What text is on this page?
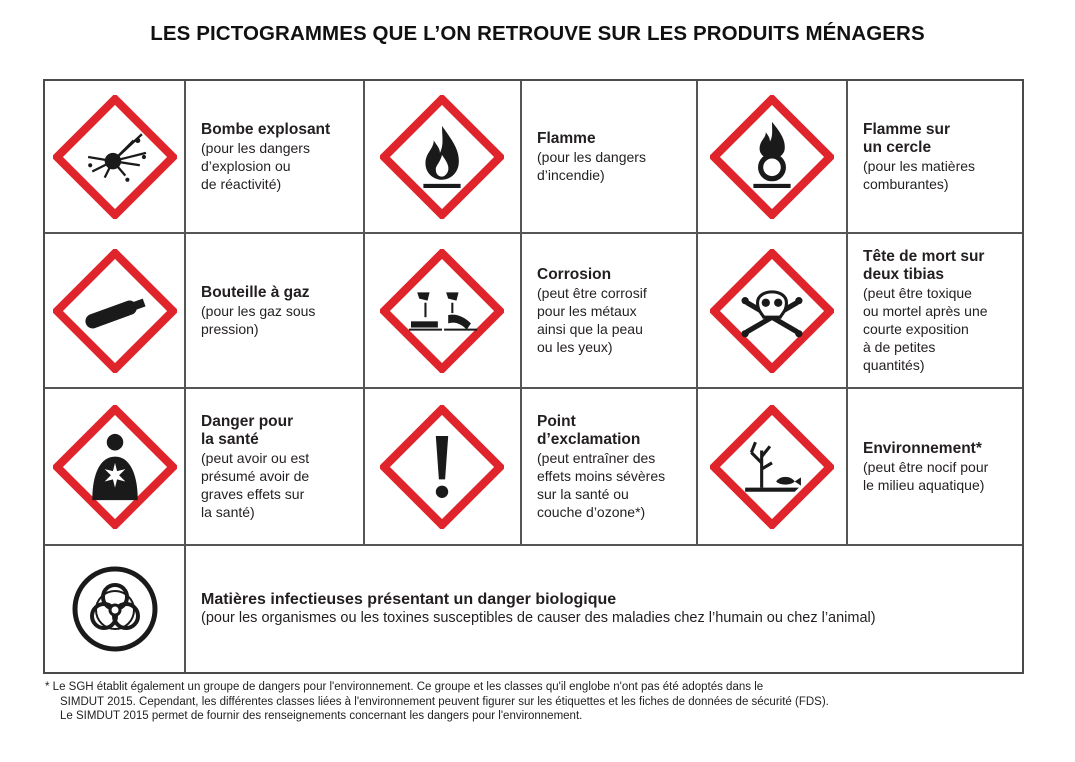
LES PICTOGRAMMES QUE L’ON RETROUVE SUR LES PRODUITS MÉNAGERS
Bombe explosant
(pour les dangers
d’explosion ou
de réactivité)
Flamme
(pour les dangers
d’incendie)
Flamme sur
un cercle
(pour les matières
comburantes)
Bouteille à gaz
(pour les gaz sous
pression)
Corrosion
(peut être corrosif
pour les métaux
ainsi que la peau
ou les yeux)
Tête de mort sur
deux tibias
(peut être toxique
ou mortel après une
courte exposition
à de petites
quantités)
Danger pour
la santé
(peut avoir ou est
présumé avoir de
graves effets sur
la santé)
Point
d’exclamation
(peut entraîner des
effets moins sévères
sur la santé ou
couche d’ozone*)
Environnement*
(peut être nocif pour
le milieu aquatique)
Matières infectieuses présentant un danger biologique
(pour les organismes ou les toxines susceptibles de causer des maladies chez l’humain ou chez l’animal)
* Le SGH établit également un groupe de dangers pour l'environnement. Ce groupe et les classes qu'il englobe n'ont pas été adoptés dans le
SIMDUT 2015. Cependant, les différentes classes liées à l'environnement peuvent figurer sur les étiquettes et les fiches de données de sécurité (FDS).
Le SIMDUT 2015 permet de fournir des renseignements concernant les dangers pour l'environnement.
